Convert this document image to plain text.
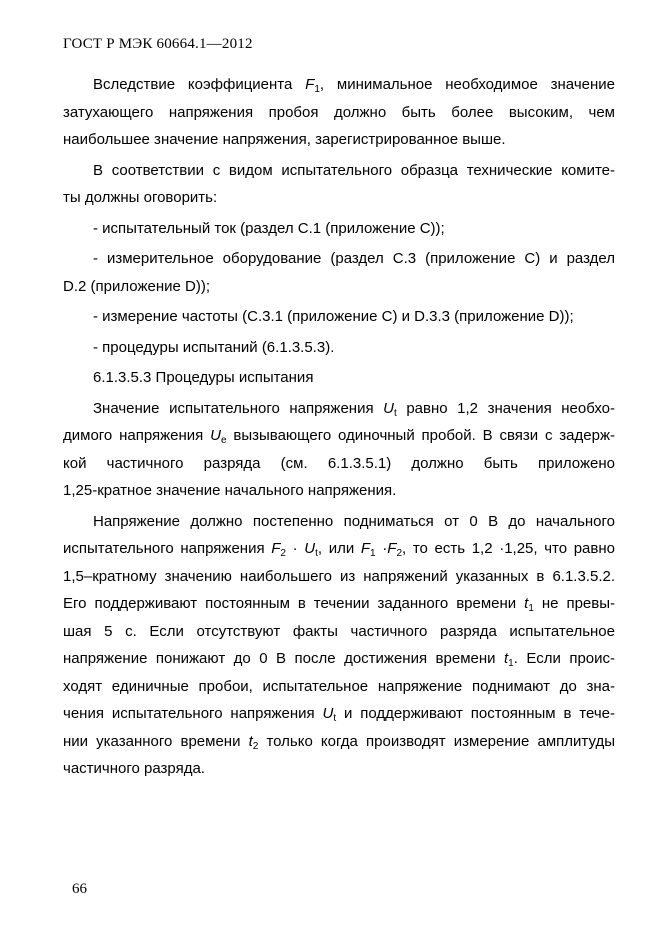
ГОСТ Р МЭК 60664.1—2012
Вследствие коэффициента $F_1$, минимальное необходимое значение
затухающего напряжения пробоя должно быть более высоким, чем
наибольшее значение напряжения, зарегистрированное выше.
В соответствии с видом испытательного образца технические комите-
ты должны оговорить:
- испытательный ток (раздел С.1 (приложение С));
- измерительное оборудование (раздел С.3 (приложение С) и раздел
D.2 (приложение D));
- измерение частоты (С.3.1 (приложение С) и D.3.3 (приложение D));
- процедуры испытаний (6.1.3.5.3).
6.1.3.5.3 Процедуры испытания
Значение испытательного напряжения $U_t$ равно 1,2 значения необхо-
димого напряжения $U_e$ вызывающего одиночный пробой. В связи с задерж-
кой частичного разряда (см. 6.1.3.5.1) должно быть приложено
1,25-кратное значение начального напряжения.
Напряжение должно постепенно подниматься от 0 В до начального
испытательного напряжения $F_2 \cdot U_t$, или $F_1 \cdot F_2$, то есть 1,2 ·1,25, что равно
1,5–кратному значению наибольшего из напряжений указанных в 6.1.3.5.2.
Его поддерживают постоянным в течении заданного времени $t_1$ не превы-
шая 5 с. Если отсутствуют факты частичного разряда испытательное
напряжение понижают до 0 В после достижения времени $t_1$. Если проис-
ходят единичные пробои, испытательное напряжение поднимают до зна-
чения испытательного напряжения $U_t$ и поддерживают постоянным в тече-
нии указанного времени $t_2$ только когда производят измерение амплитуды
частичного разряда.
66
